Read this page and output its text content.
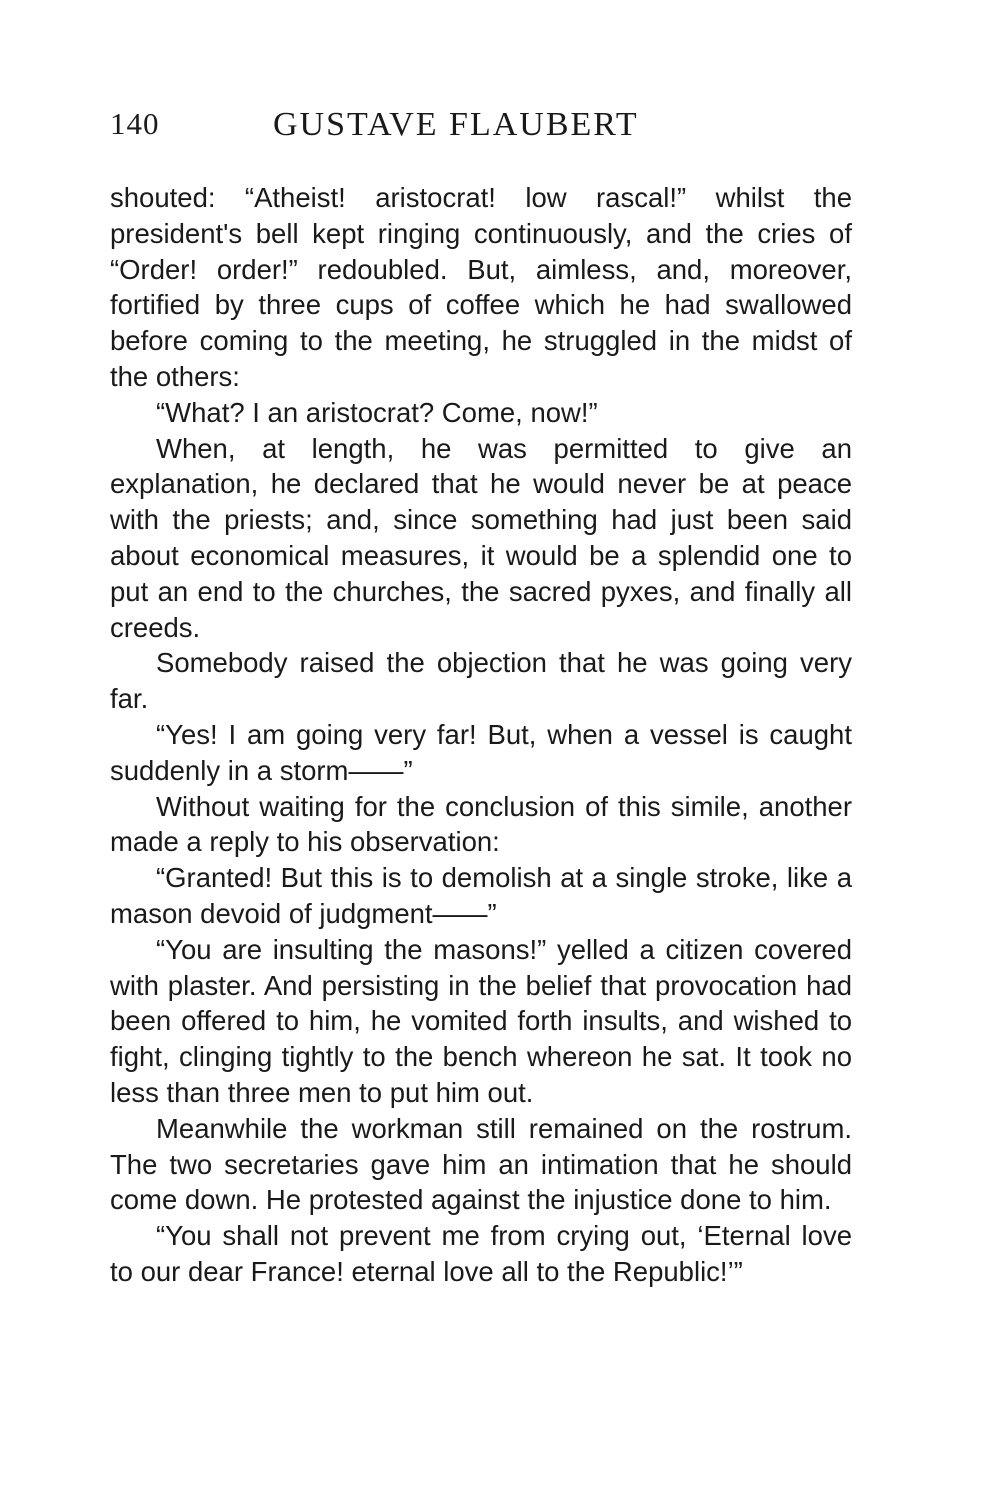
140	GUSTAVE FLAUBERT

shouted: “Atheist! aristocrat! low rascal!” whilst the president's bell kept ringing continuously, and the cries of “Order! order!” redoubled. But, aimless, and, moreover, fortified by three cups of coffee which he had swallowed before coming to the meeting, he struggled in the midst of the others:

“What? I an aristocrat? Come, now!”

When, at length, he was permitted to give an explanation, he declared that he would never be at peace with the priests; and, since something had just been said about economical measures, it would be a splendid one to put an end to the churches, the sacred pyxes, and finally all creeds.

Somebody raised the objection that he was going very far.

“Yes! I am going very far! But, when a vessel is caught suddenly in a storm——”

Without waiting for the conclusion of this simile, another made a reply to his observation:

“Granted! But this is to demolish at a single stroke, like a mason devoid of judgment——”

“You are insulting the masons!” yelled a citizen covered with plaster. And persisting in the belief that provocation had been offered to him, he vomited forth insults, and wished to fight, clinging tightly to the bench whereon he sat. It took no less than three men to put him out.

Meanwhile the workman still remained on the rostrum. The two secretaries gave him an intimation that he should come down. He protested against the injustice done to him.

“You shall not prevent me from crying out, ‘Eternal love to our dear France! eternal love all to the Republic!’”
